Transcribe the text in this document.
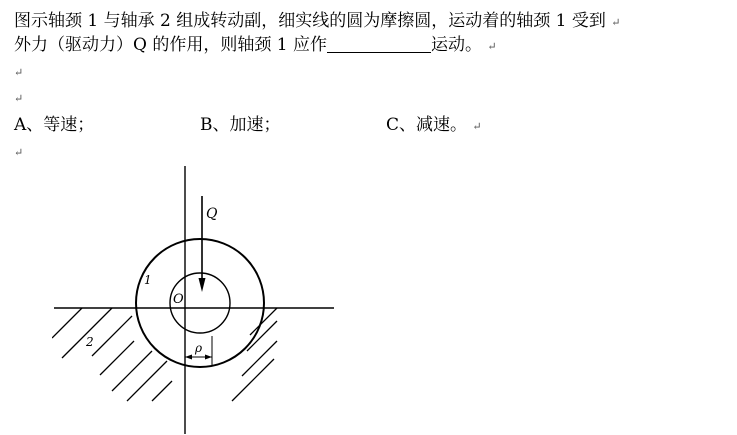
图示轴颈 1 与轴承 2 组成转动副，细实线的圆为摩擦圆，运动着的轴颈 1 受到 ↵
外力（驱动力）Q 的作用，则轴颈 1 应作	运动。 ↵
↵
↵
A、等速；	B、加速；	C、减速。 ↵
↵
Q
O
1
2	ρ
